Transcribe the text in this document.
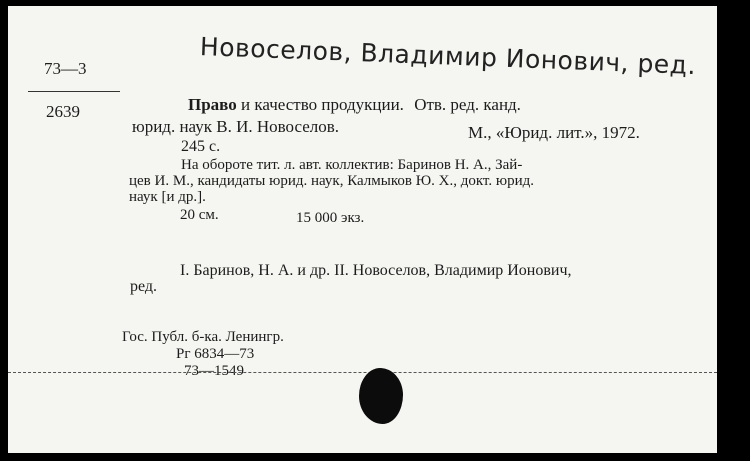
Новоселов, Владимир Ионович, ред.
73—3
2639	Право и качество продукции. Отв. ред. канд.
юрид. наук В. И. Новоселов.	М., «Юрид. лит.», 1972.
245 с.
На обороте тит. л. авт. коллектив: Баринов Н. А., Зай-
цев И. М., кандидаты юрид. наук, Калмыков Ю. Х., докт. юрид.
наук [и др.].
20 см.	15 000 экз.
I. Баринов, Н. А. и др. II. Новоселов, Владимир Ионович,
ред.
Гос. Публ. б-ка. Ленингр.
Рг 6834—73
73—1549
